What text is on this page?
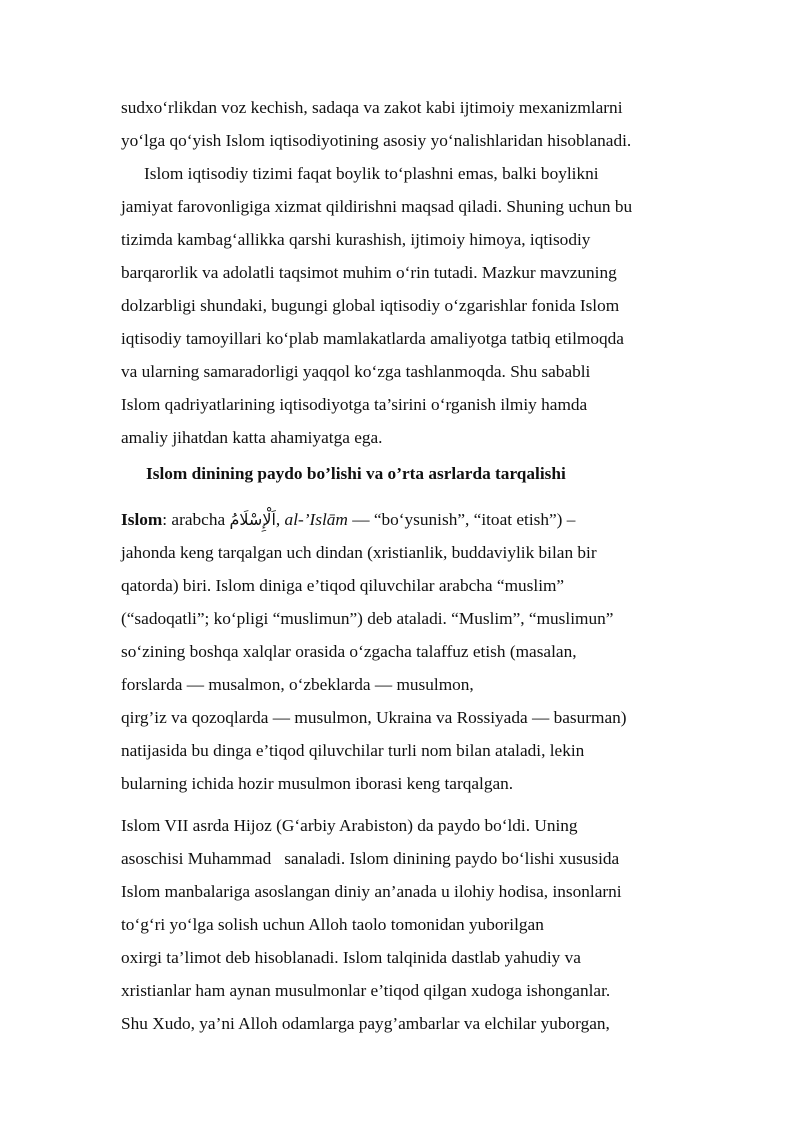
sudxo‘rlikdan voz kechish, sadaqa va zakot kabi ijtimoiy mexanizmlarni
yo‘lga qo‘yish Islom iqtisodiyotining asosiy yo‘nalishlaridan hisoblanadi.
Islom iqtisodiy tizimi faqat boylik to‘plashni emas, balki boylikni
jamiyat farovonligiga xizmat qildirishni maqsad qiladi. Shuning uchun bu
tizimda kambag‘allikka qarshi kurashish, ijtimoiy himoya, iqtisodiy
barqarorlik va adolatli taqsimot muhim o‘rin tutadi. Mazkur mavzuning
dolzarbligi shundaki, bugungi global iqtisodiy o‘zgarishlar fonida Islom
iqtisodiy tamoyillari ko‘plab mamlakatlarda amaliyotga tatbiq etilmoqda
va ularning samaradorligi yaqqol ko‘zga tashlanmoqda. Shu sababli
Islom qadriyatlarining iqtisodiyotga ta’sirini o‘rganish ilmiy hamda
amaliy jihatdan katta ahamiyatga ega.
Islom dinining paydo bo’lishi va o’rta asrlarda tarqalishi
Islom: arabcha اَلْإِسْلَامُ, al-’Islām — “bo‘ysunish”, “itoat etish”) –
jahonda keng tarqalgan uch dindan (xristianlik, buddaviylik bilan bir
qatorda) biri. Islom diniga e’tiqod qiluvchilar arabcha “muslim”
(“sadoqatli”; ko‘pligi “muslimun”) deb ataladi. “Muslim”, “muslimun”
so‘zining boshqa xalqlar orasida o‘zgacha talaffuz etish (masalan,
forslarda — musalmon, o‘zbeklarda — musulmon,
qirg’iz va qozoqlarda — musulmon, Ukraina va Rossiyada — basurman)
natijasida bu dinga e’tiqod qiluvchilar turli nom bilan ataladi, lekin
bularning ichida hozir musulmon iborasi keng tarqalgan.
Islom VII asrda Hijoz (G‘arbiy Arabiston) da paydo bo‘ldi. Uning
asoschisi Muhammad   sanaladi. Islom dinining paydo bo‘lishi xususida
Islom manbalariga asoslangan diniy an’anada u ilohiy hodisa, insonlarni
to‘g‘ri yo‘lga solish uchun Alloh taolo tomonidan yuborilgan
oxirgi ta’limot deb hisoblanadi. Islom talqinida dastlab yahudiy va
xristianlar ham aynan musulmonlar e’tiqod qilgan xudoga ishonganlar.
Shu Xudo, ya’ni Alloh odamlarga payg’ambarlar va elchilar yuborgan,
